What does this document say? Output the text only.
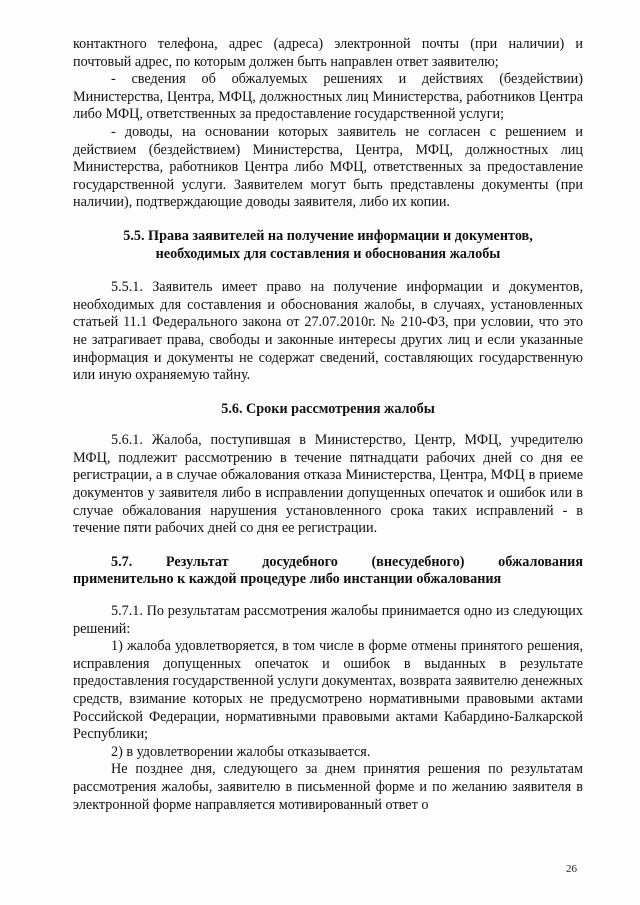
контактного телефона, адрес (адреса) электронной почты (при наличии) и почтовый адрес, по которым должен быть направлен ответ заявителю;

- сведения об обжалуемых решениях и действиях (бездействии) Министерства, Центра, МФЦ, должностных лиц Министерства, работников Центра либо МФЦ, ответственных за предоставление государственной услуги;

- доводы, на основании которых заявитель не согласен с решением и действием (бездействием) Министерства, Центра, МФЦ, должностных лиц Министерства, работников Центра либо МФЦ, ответственных за предоставление государственной услуги. Заявителем могут быть представлены документы (при наличии), подтверждающие доводы заявителя, либо их копии.

5.5. Права заявителей на получение информации и документов,
необходимых для составления и обоснования жалобы

5.5.1. Заявитель имеет право на получение информации и документов, необходимых для составления и обоснования жалобы, в случаях, установленных статьей 11.1 Федерального закона от 27.07.2010г. № 210-ФЗ, при условии, что это не затрагивает права, свободы и законные интересы других лиц и если указанные информация и документы не содержат сведений, составляющих государственную или иную охраняемую тайну.

5.6. Сроки рассмотрения жалобы

5.6.1. Жалоба, поступившая в Министерство, Центр, МФЦ, учредителю МФЦ, подлежит рассмотрению в течение пятнадцати рабочих дней со дня ее регистрации, а в случае обжалования отказа Министерства, Центра, МФЦ в приеме документов у заявителя либо в исправлении допущенных опечаток и ошибок или в случае обжалования нарушения установленного срока таких исправлений - в течение пяти рабочих дней со дня ее регистрации.

5.7. Результат досудебного (внесудебного) обжалования
применительно к каждой процедуре либо инстанции обжалования

5.7.1. По результатам рассмотрения жалобы принимается одно из следующих решений:

1) жалоба удовлетворяется, в том числе в форме отмены принятого решения, исправления допущенных опечаток и ошибок в выданных в результате предоставления государственной услуги документах, возврата заявителю денежных средств, взимание которых не предусмотрено нормативными правовыми актами Российской Федерации, нормативными правовыми актами Кабардино-Балкарской Республики;

2) в удовлетворении жалобы отказывается.

Не позднее дня, следующего за днем принятия решения по результатам рассмотрения жалобы, заявителю в письменной форме и по желанию заявителя в электронной форме направляется мотивированный ответ о

26
